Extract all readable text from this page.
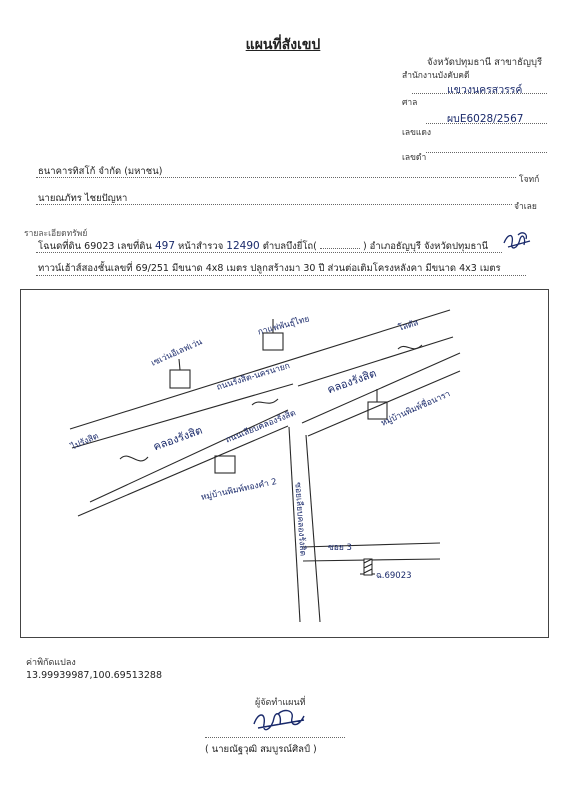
แผนที่สังเขป
จังหวัดปทุมธานี สาขาธัญบุรี
สำนักงานบังคับคดี
ศาล
แขวงนครสวรรค์
เลขแดง
ผบE6028/2567
เลขดำ
ธนาคารทิสโก้ จำกัด (มหาชน)
โจทก์
นายณภัทร ไชยปัญหา
จำเลย
รายละเอียดทรัพย์
โฉนดที่ดิน 69023 เลขที่ดิน 497 หน้าสำรวจ 12490 ตำบลบึงยี่โถ(	) อำเภอธัญบุรี จังหวัดปทุมธานี
ทาวน์เฮ้าส์สองชั้นเลขที่ 69/251 มีขนาด 4x8 เมตร ปลูกสร้างมา 30 ปี ส่วนต่อเติมโครงหลังคา มีขนาด 4x3 เมตร
เซเว่นอีเลฟเว่น
กาแฟพันธุ์ไทย
ถนนรังสิต-นครนายก
คลองรังสิต
คลองรังสิต
โลตัส
ไปรังสิต	ถนนเลียบคลองรังสิต	หมู่บ้านพิมพ์ชื่อนารา
หมู่บ้านพิมพ์ทองคำ 2 ซอยเลียบคลองรังสิต	ซอย 3
ฉ.69023
ค่าพิกัดแปลง
13.99939987,100.69513288
ผู้จัดทำแผนที่
( นายณัฐวุฒิ สมบูรณ์ศิลป์ )
